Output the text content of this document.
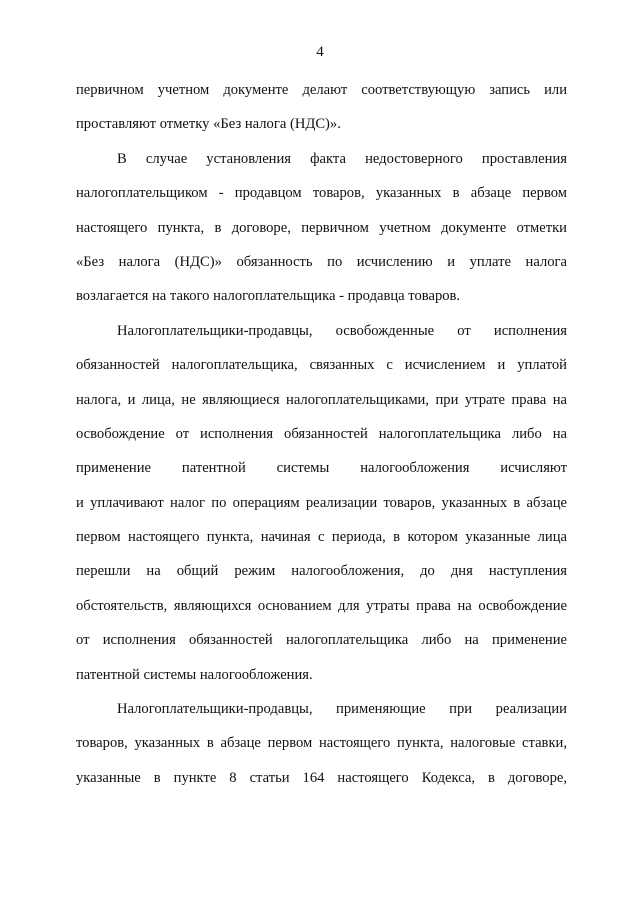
4
первичном учетном документе делают соответствующую запись или
проставляют отметку «Без налога (НДС)».
В случае установления факта недостоверного проставления
налогоплательщиком - продавцом товаров, указанных в абзаце первом
настоящего пункта, в договоре, первичном учетном документе отметки
«Без налога (НДС)» обязанность по исчислению и уплате налога
возлагается на такого налогоплательщика - продавца товаров.
Налогоплательщики-продавцы, освобожденные от исполнения
обязанностей налогоплательщика, связанных с исчислением и уплатой
налога, и лица, не являющиеся налогоплательщиками, при утрате права на
освобождение от исполнения обязанностей налогоплательщика либо на
применение патентной системы налогообложения исчисляют
и уплачивают налог по операциям реализации товаров, указанных в абзаце
первом настоящего пункта, начиная с периода, в котором указанные лица
перешли на общий режим налогообложения, до дня наступления
обстоятельств, являющихся основанием для утраты права на освобождение
от исполнения обязанностей налогоплательщика либо на применение
патентной системы налогообложения.
Налогоплательщики-продавцы, применяющие при реализации
товаров, указанных в абзаце первом настоящего пункта, налоговые ставки,
указанные в пункте 8 статьи 164 настоящего Кодекса, в договоре,
